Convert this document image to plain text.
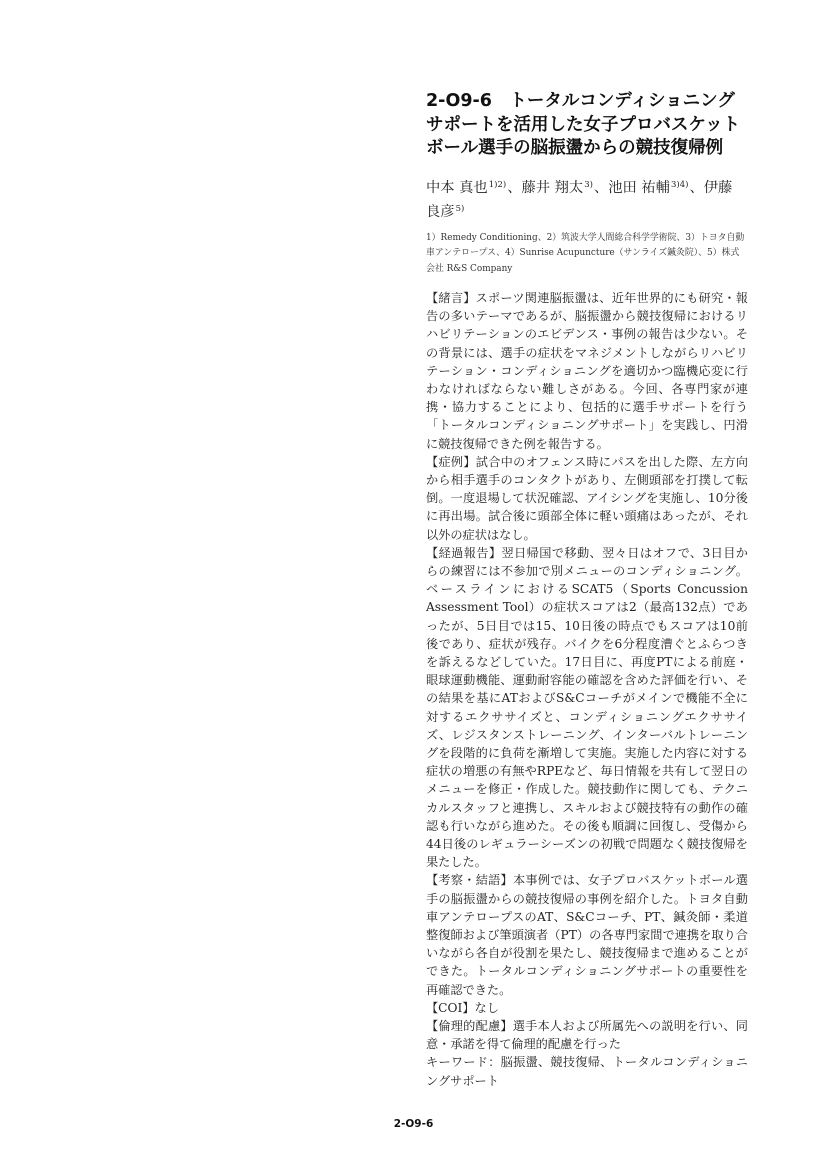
2-O9-6　トータルコンディショニングサポートを活用した女子プロバスケットボール選手の脳振盪からの競技復帰例
中本 真也$^{1)2)}$、藤井 翔太$^{3)}$、池田 祐輔$^{3)4)}$、伊藤 良彦$^{5)}$
1）Remedy Conditioning、2）筑波大学人間総合科学学術院、3）トヨタ自動車アンテロープス、4）Sunrise Acupuncture（サンライズ鍼灸院）、5）株式会社 R&S Company

【緒言】スポーツ関連脳振盪は、近年世界的にも研究・報告の多いテーマであるが、脳振盪から競技復帰におけるリハビリテーションのエビデンス・事例の報告は少ない。その背景には、選手の症状をマネジメントしながらリハビリテーション・コンディショニングを適切かつ臨機応変に行わなければならない難しさがある。今回、各専門家が連携・協力することにより、包括的に選手サポートを行う「トータルコンディショニングサポート」を実践し、円滑に競技復帰できた例を報告する。

【症例】試合中のオフェンス時にパスを出した際、左方向から相手選手のコンタクトがあり、左側頭部を打撲して転倒。一度退場して状況確認、アイシングを実施し、10分後に再出場。試合後に頭部全体に軽い頭痛はあったが、それ以外の症状はなし。

【経過報告】翌日帰国で移動、翌々日はオフで、3日目からの練習には不参加で別メニューのコンディショニング。ベースラインにおけるSCAT5（Sports Concussion Assessment Tool）の症状スコアは2（最高132点）であったが、5日目では15、10日後の時点でもスコアは10前後であり、症状が残存。バイクを6分程度漕ぐとふらつきを訴えるなどしていた。17日目に、再度PTによる前庭・眼球運動機能、運動耐容能の確認を含めた評価を行い、その結果を基にATおよびS&Cコーチがメインで機能不全に対するエクササイズと、コンディショニングエクササイズ、レジスタンストレーニング、インターバルトレーニングを段階的に負荷を漸増して実施。実施した内容に対する症状の増悪の有無やRPEなど、毎日情報を共有して翌日のメニューを修正・作成した。競技動作に関しても、テクニカルスタッフと連携し、スキルおよび競技特有の動作の確認も行いながら進めた。その後も順調に回復し、受傷から44日後のレギュラーシーズンの初戦で問題なく競技復帰を果たした。

【考察・結語】本事例では、女子プロバスケットボール選手の脳振盪からの競技復帰の事例を紹介した。トヨタ自動車アンテロープスのAT、S&Cコーチ、PT、鍼灸師・柔道整復師および筆頭演者（PT）の各専門家間で連携を取り合いながら各自が役割を果たし、競技復帰まで進めることができた。トータルコンディショニングサポートの重要性を再確認できた。

【COI】なし

【倫理的配慮】選手本人および所属先への説明を行い、同意・承諾を得て倫理的配慮を行った

キーワード：脳振盪、競技復帰、トータルコンディショニングサポート

2-O9-6
